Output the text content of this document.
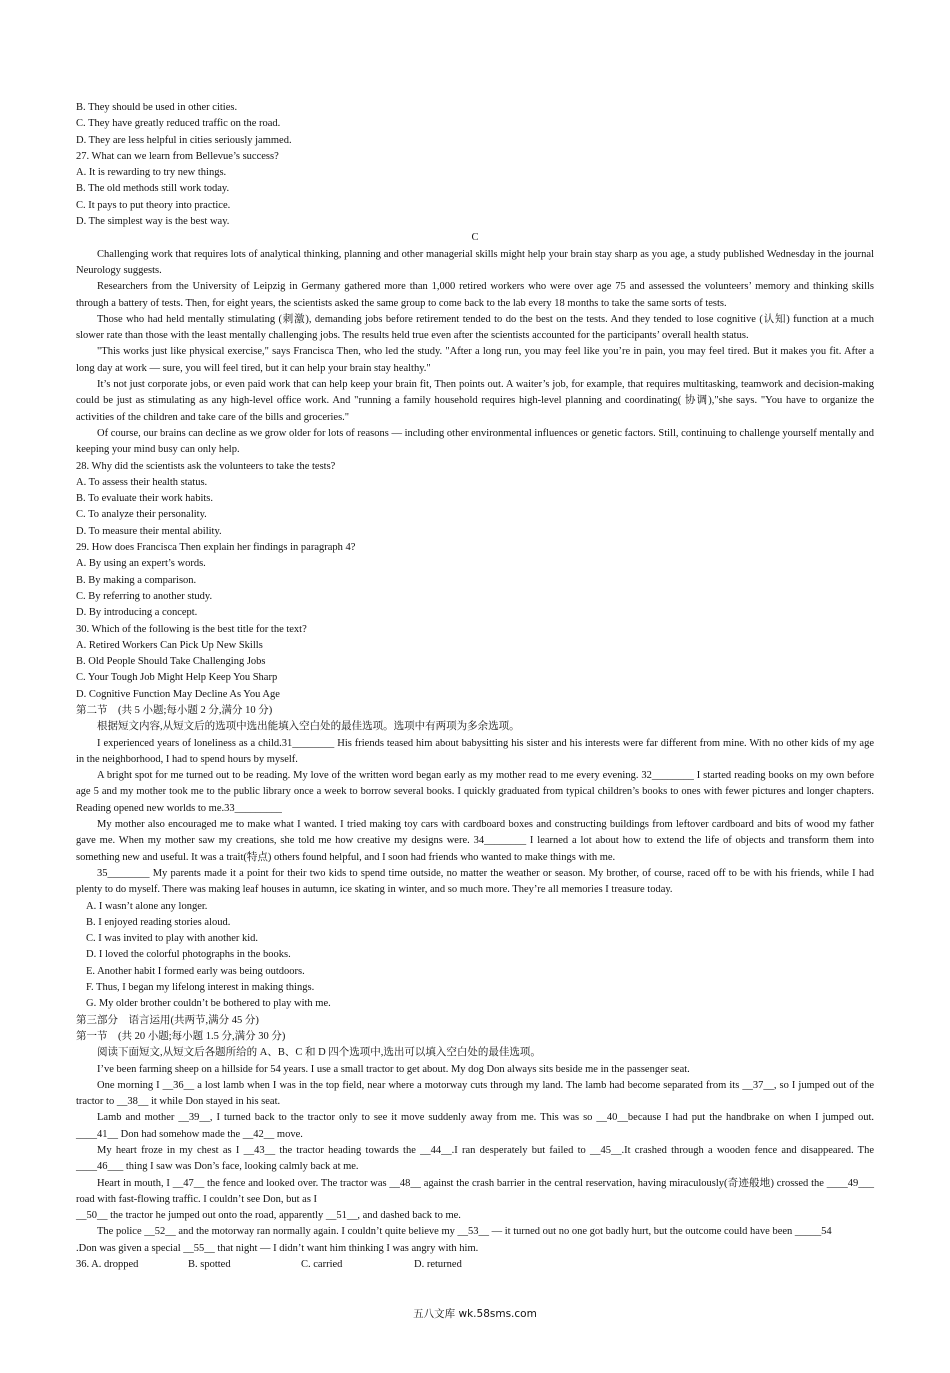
B. They should be used in other cities.
C. They have greatly reduced traffic on the road.
D. They are less helpful in cities seriously jammed.
27. What can we learn from Bellevue’s success?
A. It is rewarding to try new things.
B. The old methods still work today.
C. It pays to put theory into practice.
D. The simplest way is the best way.
C
Challenging work that requires lots of analytical thinking, planning and other managerial skills might help your brain stay sharp as you age, a study published Wednesday in the journal Neurology suggests.
Researchers from the University of Leipzig in Germany gathered more than 1,000 retired workers who were over age 75 and assessed the volunteers’ memory and thinking skills through a battery of tests. Then, for eight years, the scientists asked the same group to come back to the lab every 18 months to take the same sorts of tests.
Those who had held mentally stimulating (刺激), demanding jobs before retirement tended to do the best on the tests. And they tended to lose cognitive (认知) function at a much slower rate than those with the least mentally challenging jobs. The results held true even after the scientists accounted for the participants’ overall health status.
"This works just like physical exercise," says Francisca Then, who led the study. "After a long run, you may feel like you’re in pain, you may feel tired. But it makes you fit. After a long day at work — sure, you will feel tired, but it can help your brain stay healthy."
It’s not just corporate jobs, or even paid work that can help keep your brain fit, Then points out. A waiter’s job, for example, that requires multitasking, teamwork and decision-making could be just as stimulating as any high-level office work. And "running a family household requires high-level planning and coordinating( 协调),"she says. "You have to organize the activities of the children and take care of the bills and groceries."
Of course, our brains can decline as we grow older for lots of reasons — including other environmental influences or genetic factors. Still, continuing to challenge yourself mentally and keeping your mind busy can only help.
28. Why did the scientists ask the volunteers to take the tests?
A. To assess their health status.
B. To evaluate their work habits.
C. To analyze their personality.
D. To measure their mental ability.
29. How does Francisca Then explain her findings in paragraph 4?
A. By using an expert’s words.
B. By making a comparison.
C. By referring to another study.
D. By introducing a concept.
30. Which of the following is the best title for the text?
A. Retired Workers Can Pick Up New Skills
B. Old People Should Take Challenging Jobs
C. Your Tough Job Might Help Keep You Sharp
D. Cognitive Function May Decline As You Age
第二节　(共 5 小题;每小题 2 分,满分 10 分)
根据短文内容,从短文后的选项中选出能填入空白处的最佳选项。选项中有两项为多余选项。
I experienced years of loneliness as a child.31________ His friends teased him about babysitting his sister and his interests were far different from mine. With no other kids of my age in the neighborhood, I had to spend hours by myself.
A bright spot for me turned out to be reading. My love of the written word began early as my mother read to me every evening. 32________ I started reading books on my own before age 5 and my mother took me to the public library once a week to borrow several books. I quickly graduated from typical children’s books to ones with fewer pictures and longer chapters. Reading opened new worlds to me.33_________
My mother also encouraged me to make what I wanted. I tried making toy cars with cardboard boxes and constructing buildings from leftover cardboard and bits of wood my father gave me. When my mother saw my creations, she told me how creative my designs were. 34________ I learned a lot about how to extend the life of objects and transform them into something new and useful. It was a trait(特点) others found helpful, and I soon had friends who wanted to make things with me.
35________ My parents made it a point for their two kids to spend time outside, no matter the weather or season. My brother, of course, raced off to be with his friends, while I had plenty to do myself. There was making leaf houses in autumn, ice skating in winter, and so much more. They’re all memories I treasure today.
A. I wasn’t alone any longer.
B. I enjoyed reading stories aloud.
C. I was invited to play with another kid.
D. I loved the colorful photographs in the books.
E. Another habit I formed early was being outdoors.
F. Thus, I began my lifelong interest in making things.
G. My older brother couldn’t be bothered to play with me.
第三部分　语言运用(共两节,满分 45 分)
第一节　(共 20 小题;每小题 1.5 分,满分 30 分)
阅读下面短文,从短文后各题所给的 A、B、C 和 D 四个选项中,选出可以填入空白处的最佳选项。
I’ve been farming sheep on a hillside for 54 years. I use a small tractor to get about. My dog Don always sits beside me in the passenger seat.
One morning I __36__ a lost lamb when I was in the top field, near where a motorway cuts through my land. The lamb had become separated from its __37__, so I jumped out of the tractor to __38__ it while Don stayed in his seat.
Lamb and mother __39__, I turned back to the tractor only to see it move suddenly away from me. This was so __40__because I had put the handbrake on when I jumped out. ____41__ Don had somehow made the __42__ move.
My heart froze in my chest as I __43__ the tractor heading towards the __44__.I ran desperately but failed to __45__.It crashed through a wooden fence and disappeared. The ____46___ thing I saw was Don’s face, looking calmly back at me.
Heart in mouth, I __47__ the fence and looked over. The tractor was __48__ against the crash barrier in the central reservation, having miraculously(奇迹般地) crossed the ____49___ road with fast-flowing traffic. I couldn’t see Don, but as I
__50__ the tractor he jumped out onto the road, apparently __51__, and dashed back to me.
The police __52__ and the motorway ran normally again. I couldn’t quite believe my __53__ — it turned out no one got badly hurt, but the outcome could have been _____54
.Don was given a special __55__ that night — I didn’t want him thinking I was angry with him.
36. A. dropped	B. spotted	C. carried	D. returned
五八文库 wk.58sms.com
